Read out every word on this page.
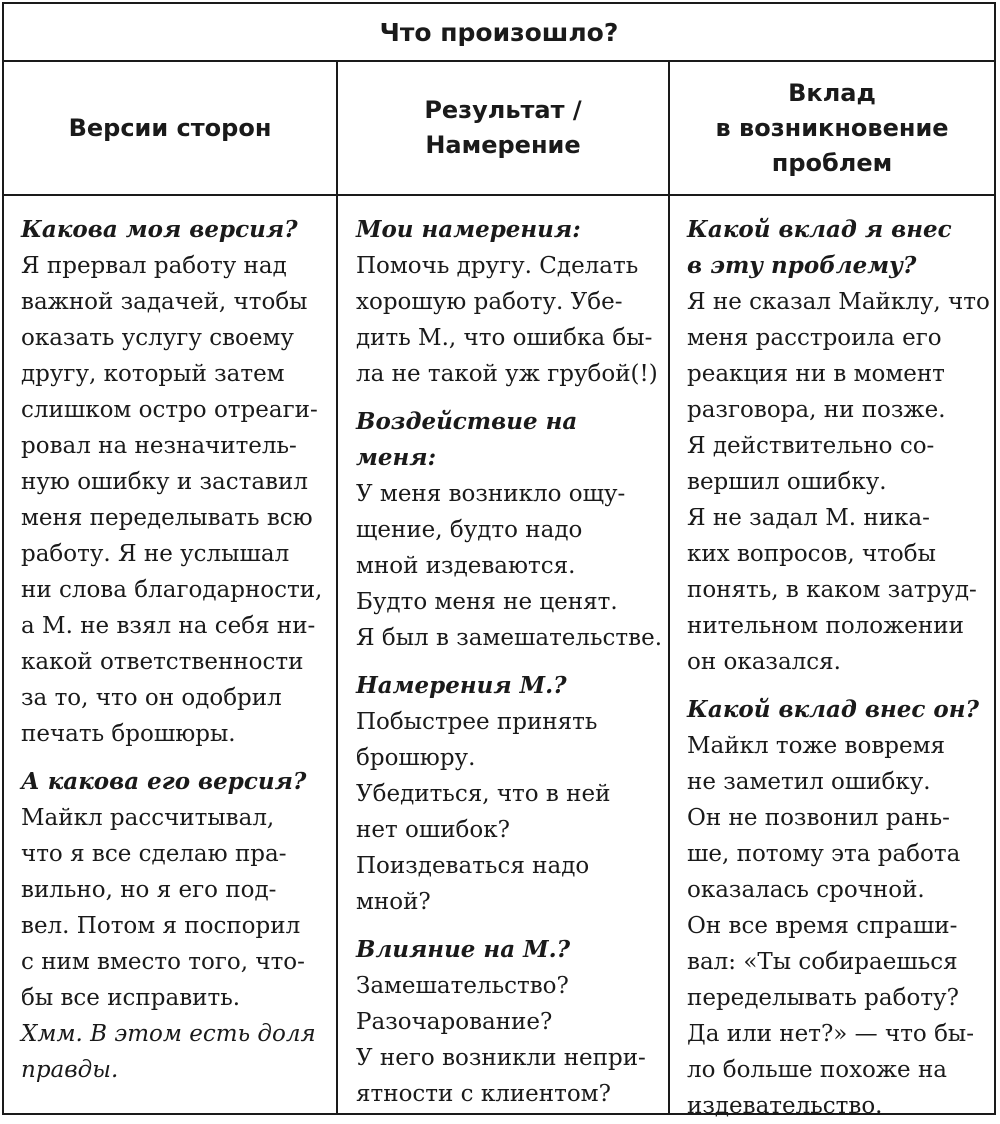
Что произошло?
Версии сторон
Результат /
Намерение
Вклад
в возникновение
проблем

Какова моя версия?

Я прервал работу над

важной задачей, чтобы

оказать услугу своему

другу, который затем

слишком остро отреаги-

ровал на незначитель-

ную ошибку и заставил

меня переделывать всю

работу. Я не услышал

ни слова благодарности,

а М. не взял на себя ни-

какой ответственности

за то, что он одобрил

печать брошюры.

А какова его версия?

Майкл рассчитывал,

что я все сделаю пра-

вильно, но я его под-

вел. Потом я поспорил

с ним вместо того, что-

бы все исправить.

Хмм. В этом есть доля

правды.

Мои намерения:

Помочь другу. Сделать

хорошую работу. Убе-

дить М., что ошибка бы-

ла не такой уж грубой(!)

Воздействие на меня:

У меня возникло ощу-

щение, будто надо

мной издеваются.

Будто меня не ценят.

Я был в замешательстве.

Намерения М.?

Побыстрее принять

брошюру.

Убедиться, что в ней

нет ошибок?

Поиздеваться надо

мной?

Влияние на М.?

Замешательство?

Разочарование?

У него возникли непри-

ятности с клиентом?

Какой вклад я внес

в эту проблему?

Я не сказал Майклу, что

меня расстроила его

реакция ни в момент

разговора, ни позже.

Я действительно со-

вершил ошибку.

Я не задал М. ника-

ких вопросов, чтобы

понять, в каком затруд-

нительном положении

он оказался.

Какой вклад внес он?

Майкл тоже вовремя

не заметил ошибку.

Он не позвонил рань-

ше, потому эта работа

оказалась срочной.

Он все время спраши-

вал: «Ты собираешься

переделывать работу?

Да или нет?» — что бы-

ло больше похоже на

издевательство.
